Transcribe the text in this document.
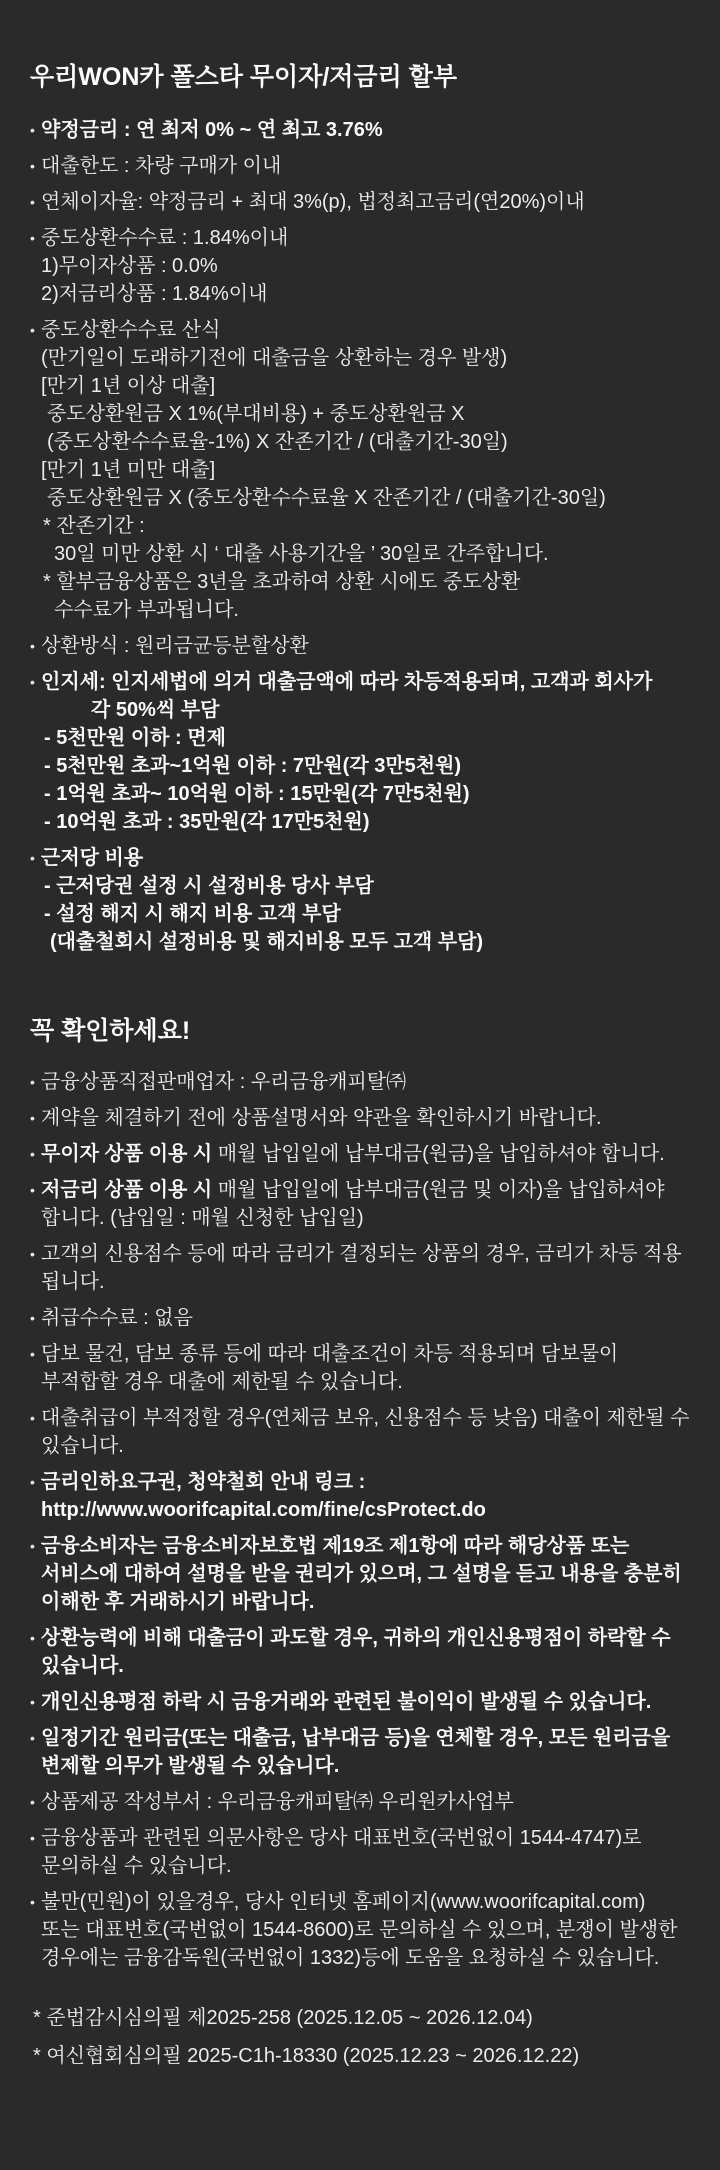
우리WON카 폴스타 무이자/저금리 할부
• 약정금리 : 연 최저 0% ~ 연 최고 3.76%
• 대출한도 : 차량 구매가 이내
• 연체이자율: 약정금리 + 최대 3%(p), 법정최고금리(연20%)이내
• 중도상환수수료 : 1.84%이내
1)무이자상품 : 0.0%
2)저금리상품 : 1.84%이내
• 중도상환수수료 산식
(만기일이 도래하기전에 대출금을 상환하는 경우 발생)
[만기 1년 이상 대출]
중도상환원금 X 1%(부대비용) + 중도상환원금 X
(중도상환수수료율-1%) X 잔존기간 / (대출기간-30일)
[만기 1년 미만 대출]
중도상환원금 X (중도상환수수료율 X 잔존기간 / (대출기간-30일)
* 잔존기간 :
30일 미만 상환 시 ‘ 대출 사용기간을 ’ 30일로 간주합니다.
* 할부금융상품은 3년을 초과하여 상환 시에도 중도상환
수수료가 부과됩니다.
• 상환방식 : 원리금균등분할상환
• 인지세: 인지세법에 의거 대출금액에 따라 차등적용되며, 고객과 회사가
각 50%씩 부담
- 5천만원 이하 : 면제
- 5천만원 초과~1억원 이하 : 7만원(각 3만5천원)
- 1억원 초과~ 10억원 이하 : 15만원(각 7만5천원)
- 10억원 초과 : 35만원(각 17만5천원)
• 근저당 비용
- 근저당권 설정 시 설정비용 당사 부담
- 설정 해지 시 해지 비용 고객 부담
(대출철회시 설정비용 및 해지비용 모두 고객 부담)
꼭 확인하세요!
• 금융상품직접판매업자 : 우리금융캐피탈㈜
• 계약을 체결하기 전에 상품설명서와 약관을 확인하시기 바랍니다.
• 무이자 상품 이용 시 매월 납입일에 납부대금(원금)을 납입하셔야 합니다.
• 저금리 상품 이용 시 매월 납입일에 납부대금(원금 및 이자)을 납입하셔야
합니다. (납입일 : 매월 신청한 납입일)
• 고객의 신용점수 등에 따라 금리가 결정되는 상품의 경우, 금리가 차등 적용
됩니다.
• 취급수수료 : 없음
• 담보 물건, 담보 종류 등에 따라 대출조건이 차등 적용되며 담보물이
부적합할 경우 대출에 제한될 수 있습니다.
• 대출취급이 부적정할 경우(연체금 보유, 신용점수 등 낮음) 대출이 제한될 수
있습니다.
• 금리인하요구권, 청약철회 안내 링크 :
http://www.woorifcapital.com/fine/csProtect.do
• 금융소비자는 금융소비자보호법 제19조 제1항에 따라 해당상품 또는
서비스에 대하여 설명을 받을 권리가 있으며, 그 설명을 듣고 내용을 충분히
이해한 후 거래하시기 바랍니다.
• 상환능력에 비해 대출금이 과도할 경우, 귀하의 개인신용평점이 하락할 수
있습니다.
• 개인신용평점 하락 시 금융거래와 관련된 불이익이 발생될 수 있습니다.
• 일정기간 원리금(또는 대출금, 납부대금 등)을 연체할 경우, 모든 원리금을
변제할 의무가 발생될 수 있습니다.
• 상품제공 작성부서 : 우리금융캐피탈㈜ 우리원카사업부
• 금융상품과 관련된 의문사항은 당사 대표번호(국번없이 1544-4747)로
문의하실 수 있습니다.
• 불만(민원)이 있을경우, 당사 인터넷 홈페이지(www.woorifcapital.com)
또는 대표번호(국번없이 1544-8600)로 문의하실 수 있으며, 분쟁이 발생한
경우에는 금융감독원(국번없이 1332)등에 도움을 요청하실 수 있습니다.
* 준법감시심의필 제2025-258 (2025.12.05 ~ 2026.12.04)
* 여신협회심의필 2025-C1h-18330 (2025.12.23 ~ 2026.12.22)
